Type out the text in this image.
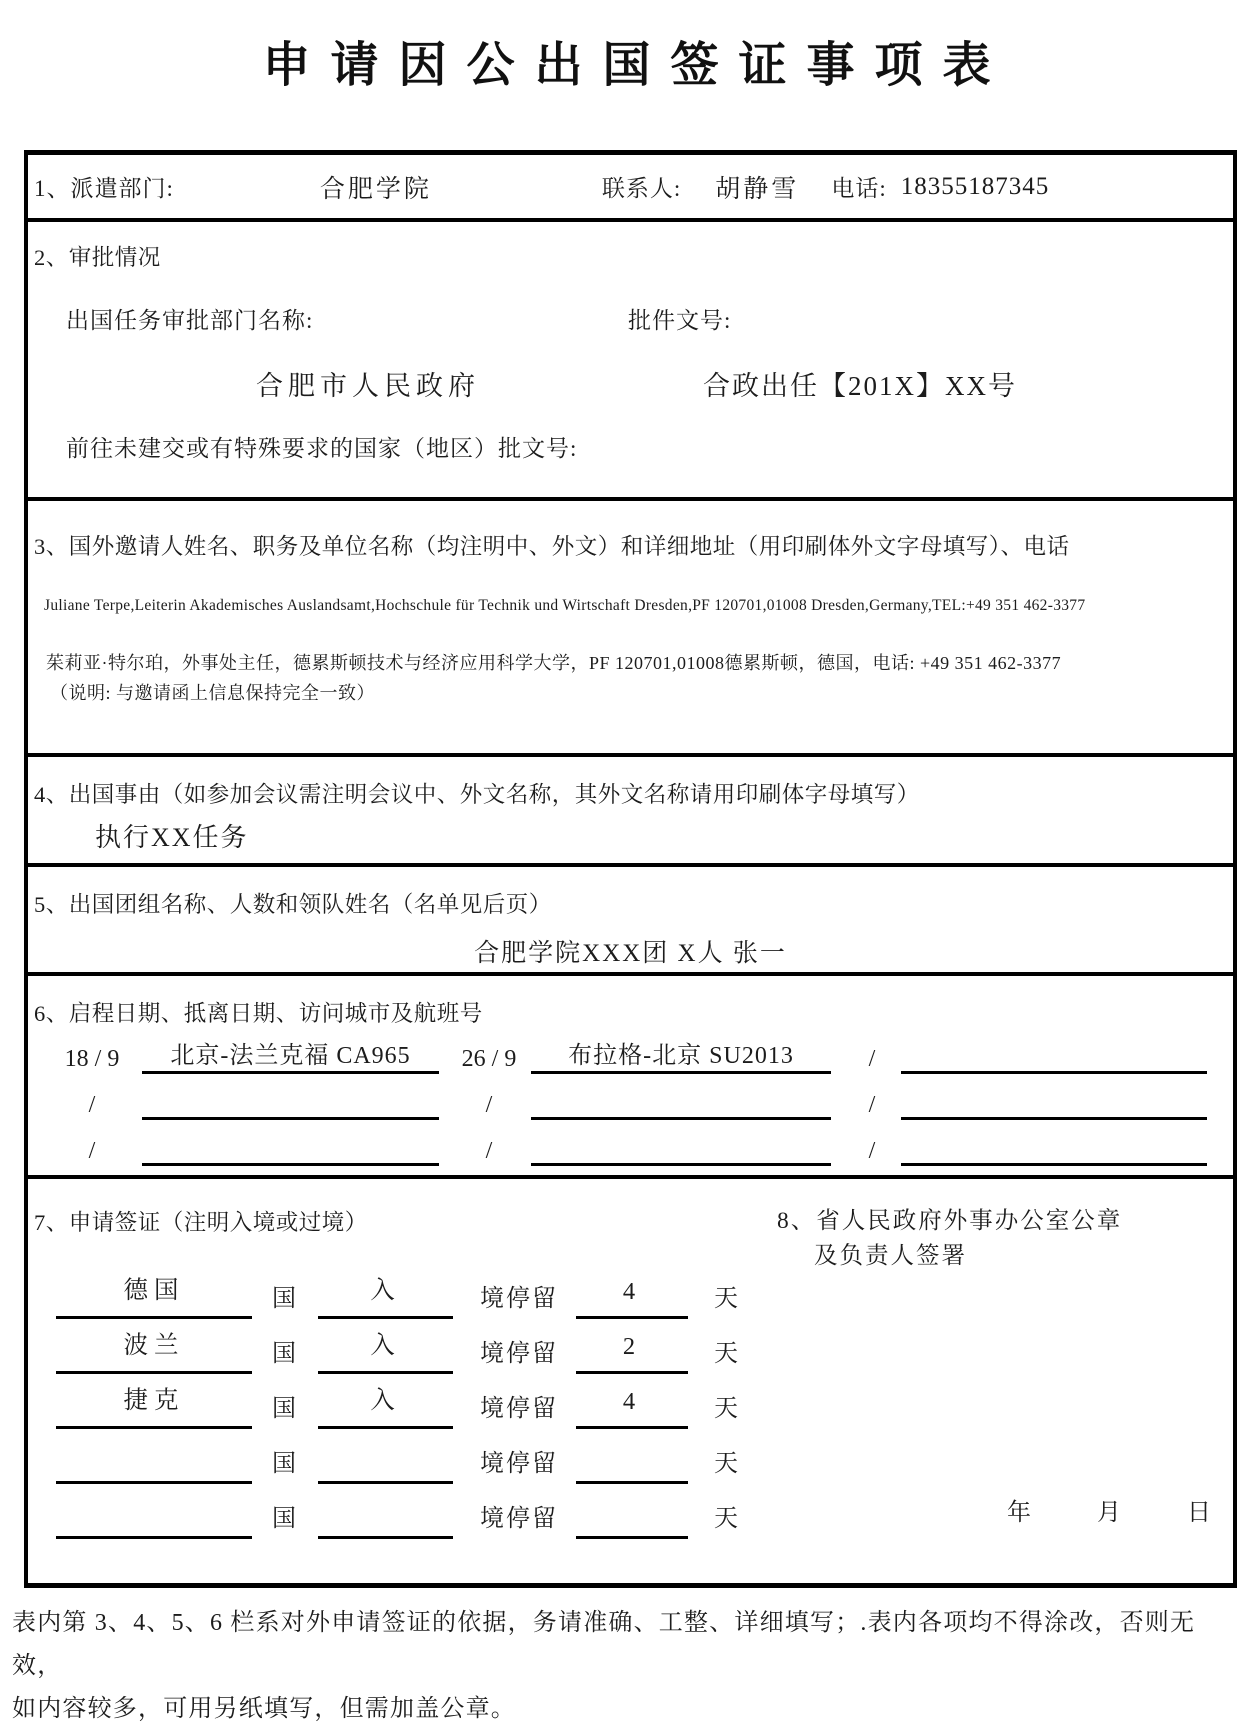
申请因公出国签证事项表
1、派遣部门:	合肥学院	联系人: 胡静雪 电话: 18355187345
2、审批情况
出国任务审批部门名称:	批件文号:
合肥市人民政府	合政出任【201X】XX号
前往未建交或有特殊要求的国家（地区）批文号:
3、国外邀请人姓名、职务及单位名称（均注明中、外文）和详细地址（用印刷体外文字母填写）、电话
Juliane Terpe,Leiterin Akademisches Auslandsamt,Hochschule für Technik und Wirtschaft Dresden,PF 120701,01008 Dresden,Germany,TEL:+49 351 462-3377
茱莉亚·特尔珀，外事处主任，德累斯顿技术与经济应用科学大学，PF 120701,01008德累斯顿，德国，电话: +49 351 462-3377
（说明: 与邀请函上信息保持完全一致）
4、出国事由（如参加会议需注明会议中、外文名称，其外文名称请用印刷体字母填写）
执行XX任务
5、出国团组名称、人数和领队姓名（名单见后页）
合肥学院XXX团 X人 张一
6、启程日期、抵离日期、访问城市及航班号
18 / 9	北京-法兰克福 CA965	26 / 9	布拉格-北京 SU2013	/
/	/	/
/	/	/
7、申请签证（注明入境或过境）	8、省人民政府外事办公室公章
及负责人签署
德国	国	入	境停留	4	天
波兰	国	入	境停留	2	天
捷克	国	入	境停留	4	天
国	境停留	天
国	境停留	天	年	月	日
表内第 3、4、5、6 栏系对外申请签证的依据，务请准确、工整、详细填写；.表内各项均不得涂改，否则无效，
如内容较多，可用另纸填写，但需加盖公章。
